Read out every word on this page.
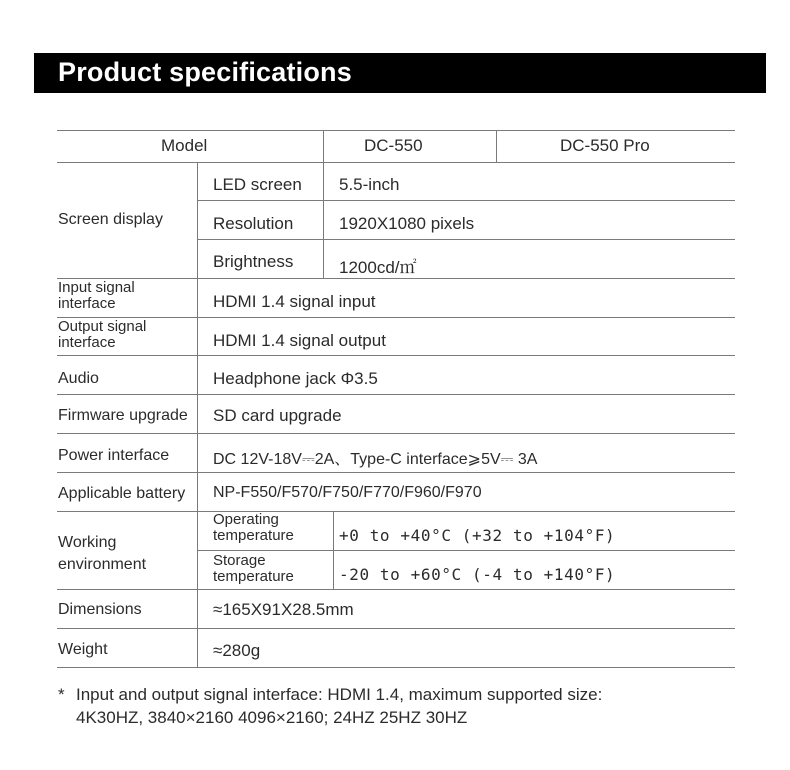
Product specifications
Model	DC-550	DC-550 Pro
Screen display
LED screen 5.5-inch
Resolution	1920X1080 pixels
Brightness	1200cd/㎡
Input signal
interface	HDMI 1.4 signal input
Output signal
interface	HDMI 1.4 signal output
Audio	Headphone jack Φ3.5
Firmware upgrade SD card upgrade
Power interface	DC 12V-18V⎓2A、Type-C interface⩾5V⎓ 3A
Applicable battery NP-F550/F570/F750/F770/F960/F970
Working
environment
Operating
temperature	+0 to +40°C (+32 to +104°F)
Storage
temperature	-20 to +60°C (-4 to +140°F)
Dimensions	≈165X91X28.5mm
Weight	≈280g
* Input and output signal interface: HDMI 1.4, maximum supported size:
4K30HZ, 3840×2160 4096×2160; 24HZ 25HZ 30HZ
